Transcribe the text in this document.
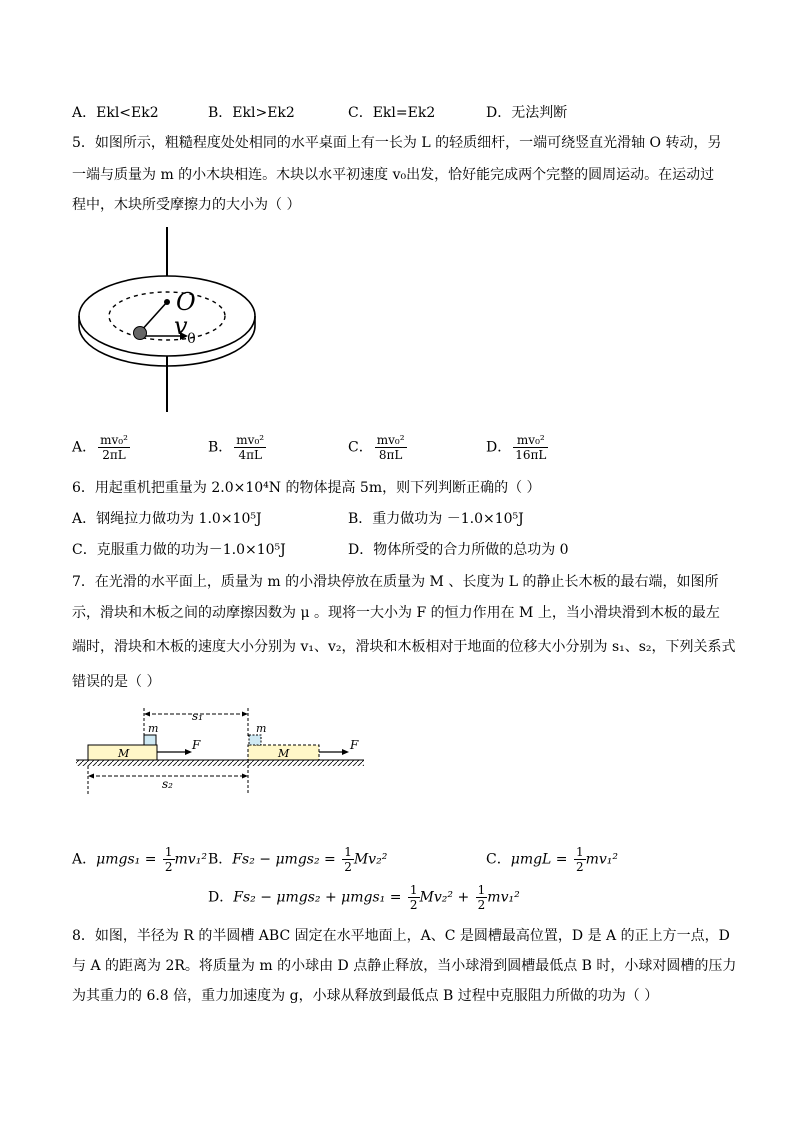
A．Ekl<Ek2	B．Ekl>Ek2	C．Ekl=Ek2	D．无法判断
5．如图所示，粗糙程度处处相同的水平桌面上有一长为 L 的轻质细杆，一端可绕竖直光滑轴 O 转动，另
一端与质量为 m 的小木块相连。木块以水平初速度 v₀出发，恰好能完成两个完整的圆周运动。在运动过
程中，木块所受摩擦力的大小为（ ）
O
v 0
A． $\frac{\text{mv₀²}}{2\pi L}$	B． $\frac{\text{mv₀²}}{4\pi L}$	C． $\frac{\text{mv₀²}}{8\pi L}$	D． $\frac{\text{mv₀²}}{16\pi L}$
6．用起重机把重量为 2.0×10⁴N 的物体提高 5m，则下列判断正确的（ ）
A．钢绳拉力做功为 1.0×10⁵J	B．重力做功为 －1.0×10⁵J
C．克服重力做的功为－1.0×10⁵J	D．物体所受的合力所做的总功为 0
7．在光滑的水平面上，质量为 m 的小滑块停放在质量为 M 、长度为 L 的静止长木板的最右端，如图所
示，滑块和木板之间的动摩擦因数为 μ 。现将一大小为 F 的恒力作用在 M 上，当小滑块滑到木板的最左
端时，滑块和木板的速度大小分别为 v₁、v₂，滑块和木板相对于地面的位移大小分别为 s₁、s₂，下列关系式
错误的是（ ）
s₁
M
m
F
M
m
F
s₂
A．$\mu mgs_1 = \frac{1}{2} mv_1^2$ B．$Fs_2 - \mu mgs_2 = \frac{1}{2} Mv_2^2$	C．$\mu mgL = \frac{1}{2} mv_1^2$
D．$Fs_2 - \mu mgs_2 + \mu mgs_1 = \frac{1}{2} Mv_2^2 + \frac{1}{2} mv_1^2$
8．如图，半径为 R 的半圆槽 ABC 固定在水平地面上，A、C 是圆槽最高位置，D 是 A 的正上方一点，D
与 A 的距离为 2R。将质量为 m 的小球由 D 点静止释放，当小球滑到圆槽最低点 B 时，小球对圆槽的压力
为其重力的 6.8 倍，重力加速度为 g，小球从释放到最低点 B 过程中克服阻力所做的功为（ ）
